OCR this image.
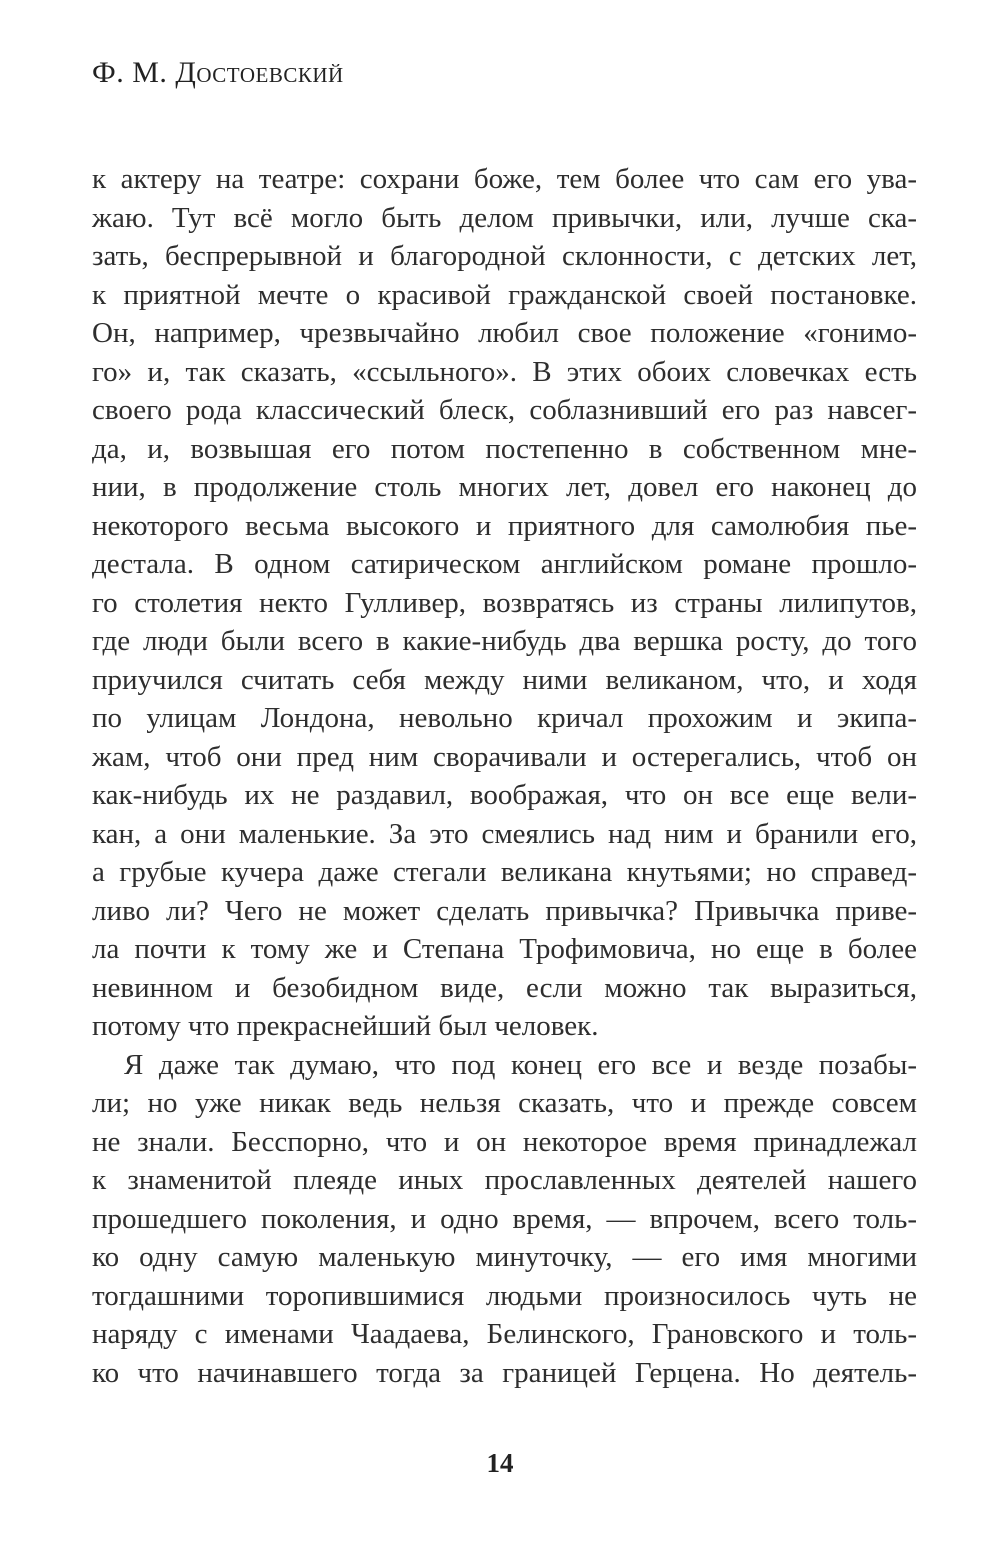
Ф. М. Достоевский
к актеру на театре: сохрани боже, тем более что сам его ува-
жаю. Тут всё могло быть делом привычки, или, лучше ска-
зать, беспрерывной и благородной склонности, с детских лет,
к приятной мечте о красивой гражданской своей постановке.
Он, например, чрезвычайно любил свое положение «гонимо-
го» и, так сказать, «ссыльного». В этих обоих словечках есть
своего рода классический блеск, соблазнивший его раз навсег-
да, и, возвышая его потом постепенно в собственном мне-
нии, в продолжение столь многих лет, довел его наконец до
некоторого весьма высокого и приятного для самолюбия пье-
дестала. В одном сатирическом английском романе прошло-
го столетия некто Гулливер, возвратясь из страны лилипутов,
где люди были всего в какие-нибудь два вершка росту, до того
приучился считать себя между ними великаном, что, и ходя
по улицам Лондона, невольно кричал прохожим и экипа-
жам, чтоб они пред ним сворачивали и остерегались, чтоб он
как-нибудь их не раздавил, воображая, что он все еще вели-
кан, а они маленькие. За это смеялись над ним и бранили его,
а грубые кучера даже стегали великана кнутьями; но справед-
ливо ли? Чего не может сделать привычка? Привычка приве-
ла почти к тому же и Степана Трофимовича, но еще в более
невинном и безобидном виде, если можно так выразиться,
потому что прекраснейший был человек.
Я даже так думаю, что под конец его все и везде позабы-
ли; но уже никак ведь нельзя сказать, что и прежде совсем
не знали. Бесспорно, что и он некоторое время принадлежал
к знаменитой плеяде иных прославленных деятелей нашего
прошедшего поколения, и одно время, — впрочем, всего толь-
ко одну самую маленькую минуточку, — его имя многими
тогдашними торопившимися людьми произносилось чуть не
наряду с именами Чаадаева, Белинского, Грановского и толь-
ко что начинавшего тогда за границей Герцена. Но деятель-
14
